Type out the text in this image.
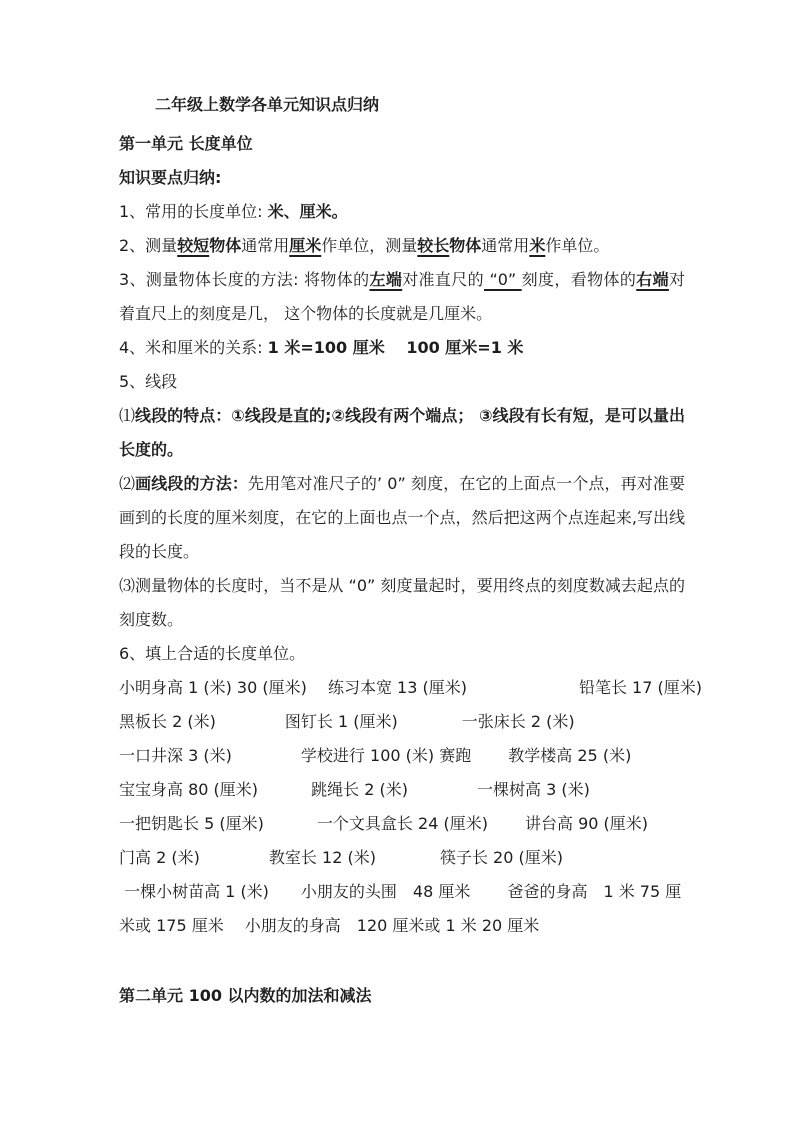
二年级上数学各单元知识点归纳

第一单元 长度单位

知识要点归纳:

1、常用的长度单位: 米、厘米。

2、测量较短物体通常用厘米作单位，测量较长物体通常用米作单位。

3、测量物体长度的方法: 将物体的左端对准直尺的 “0” 刻度，看物体的右端对着直尺上的刻度是几， 这个物体的长度就是几厘米。

4、米和厘米的关系: 1 米=100 厘米　 100 厘米=1 米

5、线段

⑴线段的特点：①线段是直的;②线段有两个端点； ③线段有长有短，是可以量出长度的。

⑵画线段的方法：先用笔对准尺子的’ 0” 刻度，在它的上面点一个点，再对准要画到的长度的厘米刻度，在它的上面也点一个点，然后把这两个点连起来,写出线段的长度。

⑶测量物体的长度时，当不是从 “0” 刻度量起时，要用终点的刻度数减去起点的刻度数。

6、填上合适的长度单位。

小明身高 1 (米) 30 (厘米)　 练习本宽 13 (厘米)　　　　　　　铅笔长 17 (厘米)

黑板长 2 (米)　　　　 图钉长 1 (厘米)　　　　一张床长 2 (米)

一口井深 3 (米)　　　　 学校进行 100 (米) 赛跑　　 教学楼高 25 (米)

宝宝身高 80 (厘米)　　　 跳绳长 2 (米)　　　　 一棵树高 3 (米)

一把钥匙长 5 (厘米)　　　 一个文具盒长 24 (厘米)　　 讲台高 90 (厘米)

门高 2 (米)　　　　 教室长 12 (米)　　　　筷子长 20 (厘米)

一棵小树苗高 1 (米)　　小朋友的头围　48 厘米　　 爸爸的身高　1 米 75 厘

米或 175 厘米　 小朋友的身高　120 厘米或 1 米 20 厘米

第二单元 100 以内数的加法和减法
